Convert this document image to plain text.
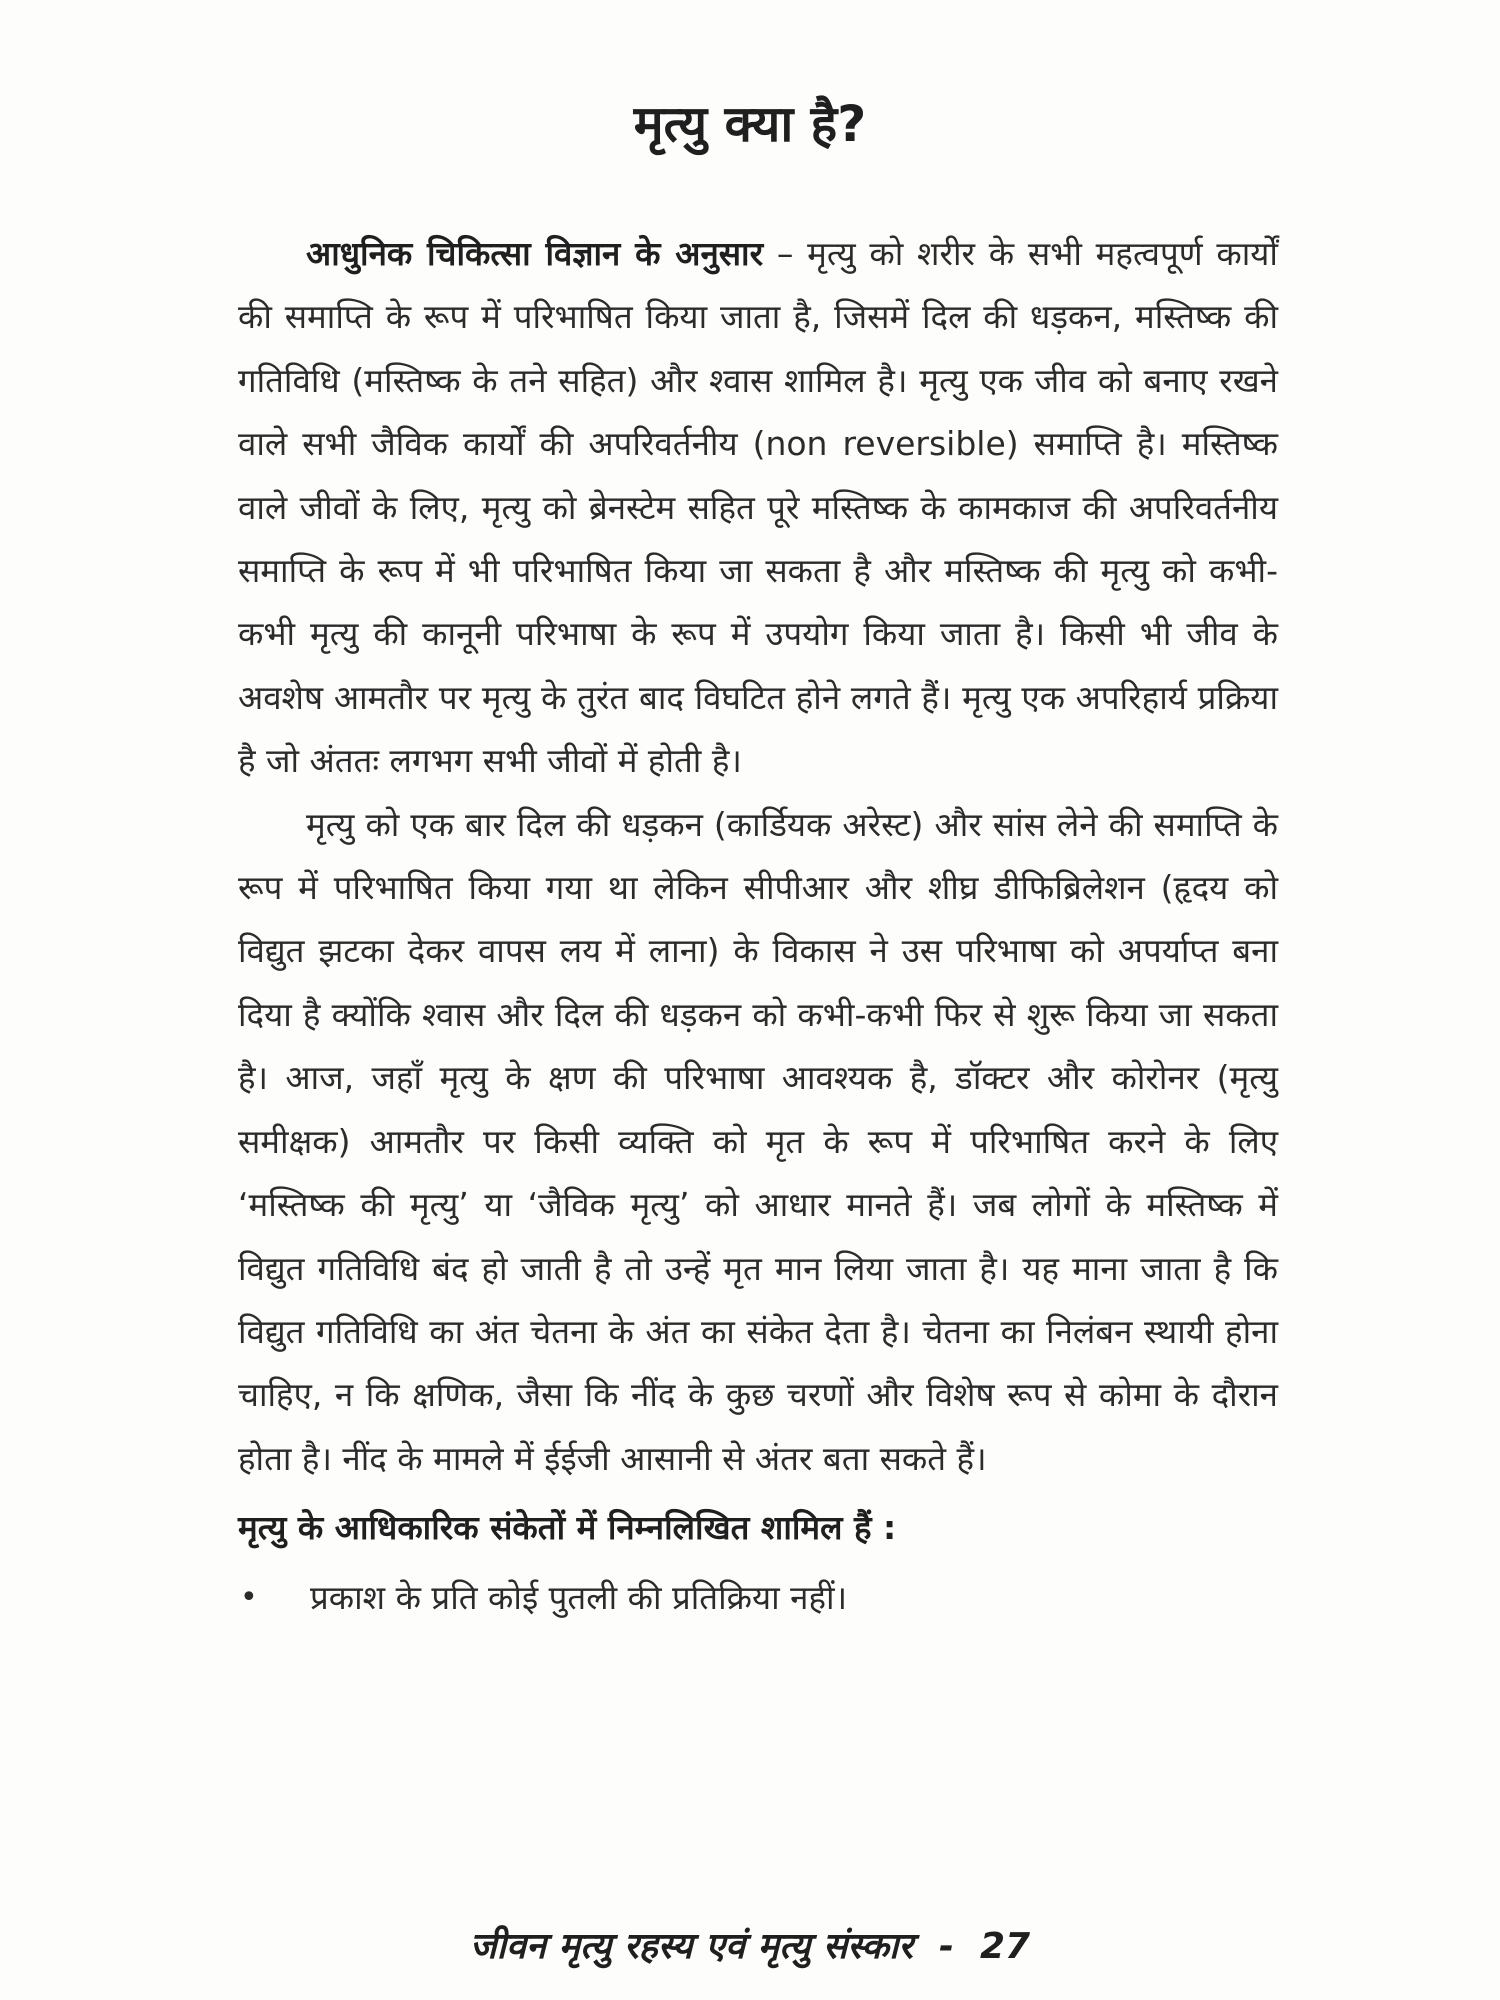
मृत्यु क्या है?

आधुनिक चिकित्सा विज्ञान के अनुसार – मृत्यु को शरीर के सभी महत्वपूर्ण कार्यों की समाप्ति के रूप में परिभाषित किया जाता है, जिसमें दिल की धड़कन, मस्तिष्क की गतिविधि (मस्तिष्क के तने सहित) और श्वास शामिल है। मृत्यु एक जीव को बनाए रखने वाले सभी जैविक कार्यों की अपरिवर्तनीय (non reversible) समाप्ति है। मस्तिष्क वाले जीवों के लिए, मृत्यु को ब्रेनस्टेम सहित पूरे मस्तिष्क के कामकाज की अपरिवर्तनीय समाप्ति के रूप में भी परिभाषित किया जा सकता है और मस्तिष्क की मृत्यु को कभी-कभी मृत्यु की कानूनी परिभाषा के रूप में उपयोग किया जाता है। किसी भी जीव के अवशेष आमतौर पर मृत्यु के तुरंत बाद विघटित होने लगते हैं। मृत्यु एक अपरिहार्य प्रक्रिया है जो अंततः लगभग सभी जीवों में होती है।

मृत्यु को एक बार दिल की धड़कन (कार्डियक अरेस्ट) और सांस लेने की समाप्ति के रूप में परिभाषित किया गया था लेकिन सीपीआर और शीघ्र डीफिब्रिलेशन (हृदय को विद्युत झटका देकर वापस लय में लाना) के विकास ने उस परिभाषा को अपर्याप्त बना दिया है क्योंकि श्वास और दिल की धड़कन को कभी-कभी फिर से शुरू किया जा सकता है। आज, जहाँ मृत्यु के क्षण की परिभाषा आवश्यक है, डॉक्टर और कोरोनर (मृत्यु समीक्षक) आमतौर पर किसी व्यक्ति को मृत के रूप में परिभाषित करने के लिए ‘मस्तिष्क की मृत्यु’ या ‘जैविक मृत्यु’ को आधार मानते हैं। जब लोगों के मस्तिष्क में विद्युत गतिविधि बंद हो जाती है तो उन्हें मृत मान लिया जाता है। यह माना जाता है कि विद्युत गतिविधि का अंत चेतना के अंत का संकेत देता है। चेतना का निलंबन स्थायी होना चाहिए, न कि क्षणिक, जैसा कि नींद के कुछ चरणों और विशेष रूप से कोमा के दौरान होता है। नींद के मामले में ईईजी आसानी से अंतर बता सकते हैं।

मृत्यु के आधिकारिक संकेतों में निम्नलिखित शामिल हैं :

• प्रकाश के प्रति कोई पुतली की प्रतिक्रिया नहीं।
जीवन मृत्यु रहस्य एवं मृत्यु संस्कार - 27
